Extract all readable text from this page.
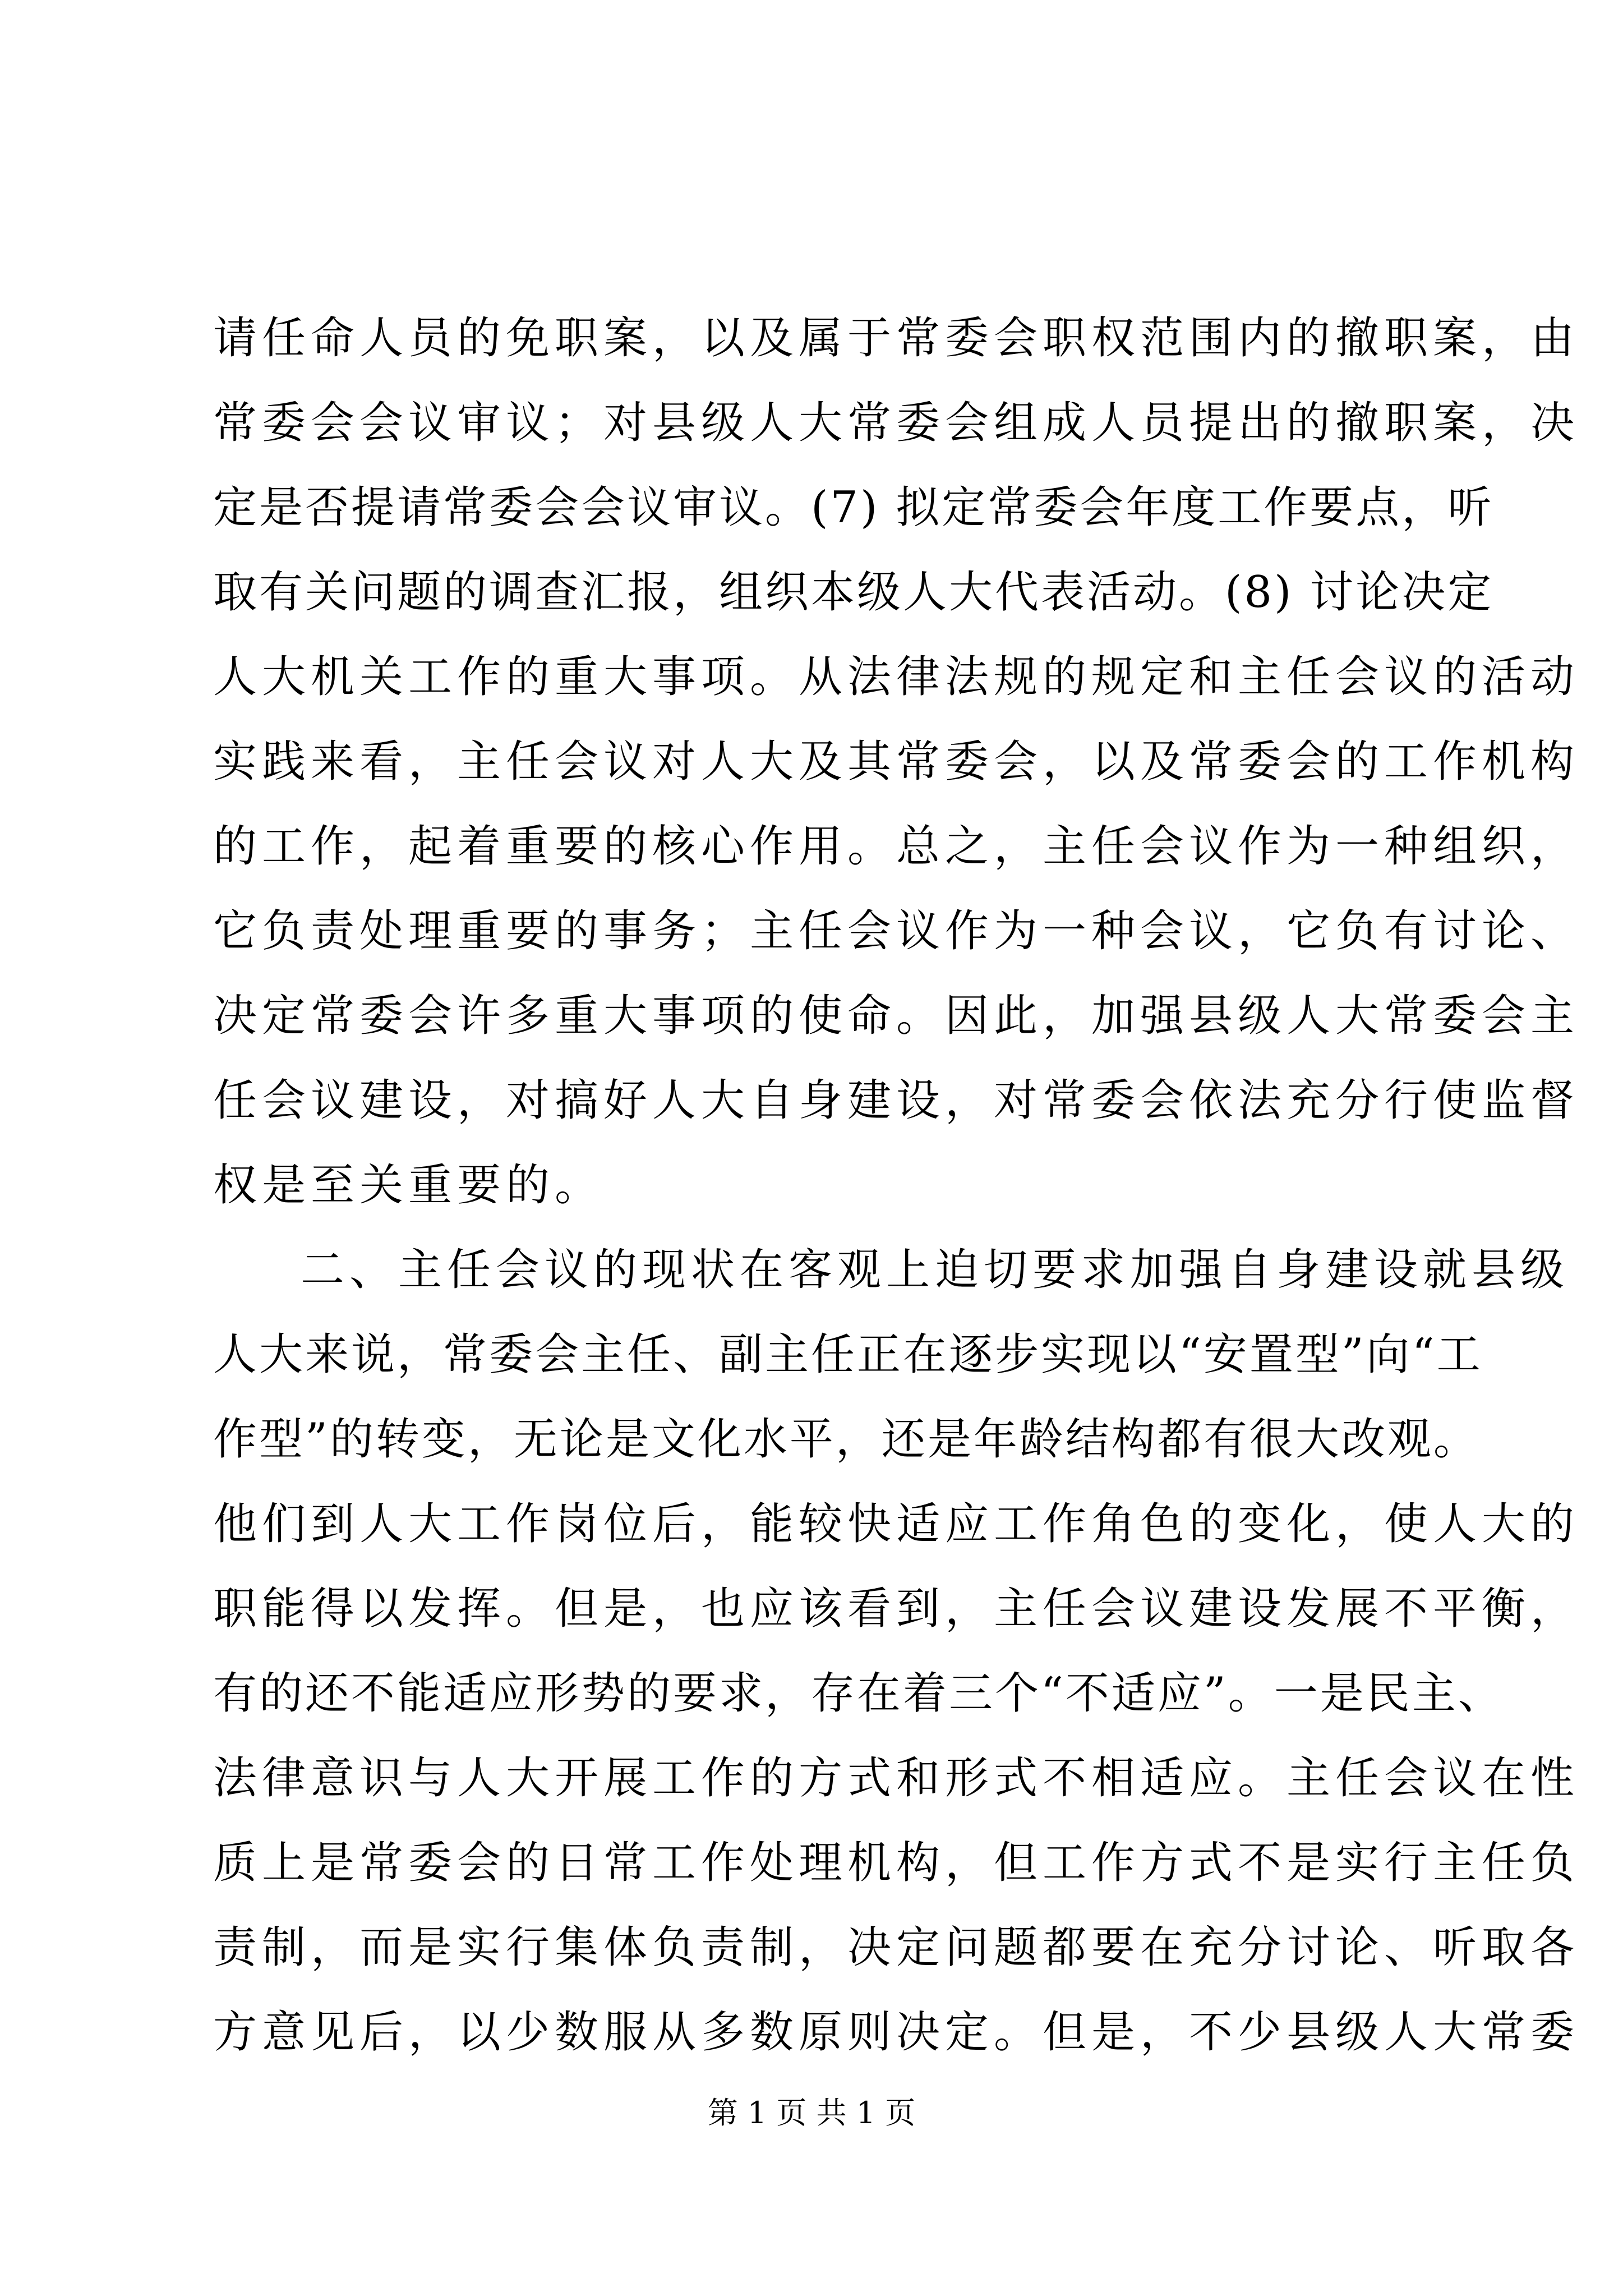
请任命人员的免职案，以及属于常委会职权范围内的撤职案，由
常委会会议审议；对县级人大常委会组成人员提出的撤职案，决
定是否提请常委会会议审议。(7) 拟定常委会年度工作要点，听
取有关问题的调查汇报，组织本级人大代表活动。(8) 讨论决定
人大机关工作的重大事项。从法律法规的规定和主任会议的活动
实践来看，主任会议对人大及其常委会，以及常委会的工作机构
的工作，起着重要的核心作用。总之，主任会议作为一种组织，
它负责处理重要的事务；主任会议作为一种会议，它负有讨论、
决定常委会许多重大事项的使命。因此，加强县级人大常委会主
任会议建设，对搞好人大自身建设，对常委会依法充分行使监督
权是至关重要的。
二、主任会议的现状在客观上迫切要求加强自身建设就县级
人大来说，常委会主任、副主任正在逐步实现以“安置型”向“工
作型”的转变，无论是文化水平，还是年龄结构都有很大改观。
他们到人大工作岗位后，能较快适应工作角色的变化，使人大的
职能得以发挥。但是，也应该看到，主任会议建设发展不平衡，
有的还不能适应形势的要求，存在着三个“不适应”。一是民主、
法律意识与人大开展工作的方式和形式不相适应。主任会议在性
质上是常委会的日常工作处理机构，但工作方式不是实行主任负
责制，而是实行集体负责制，决定问题都要在充分讨论、听取各
方意见后，以少数服从多数原则决定。但是，不少县级人大常委
第 1 页 共 1 页
